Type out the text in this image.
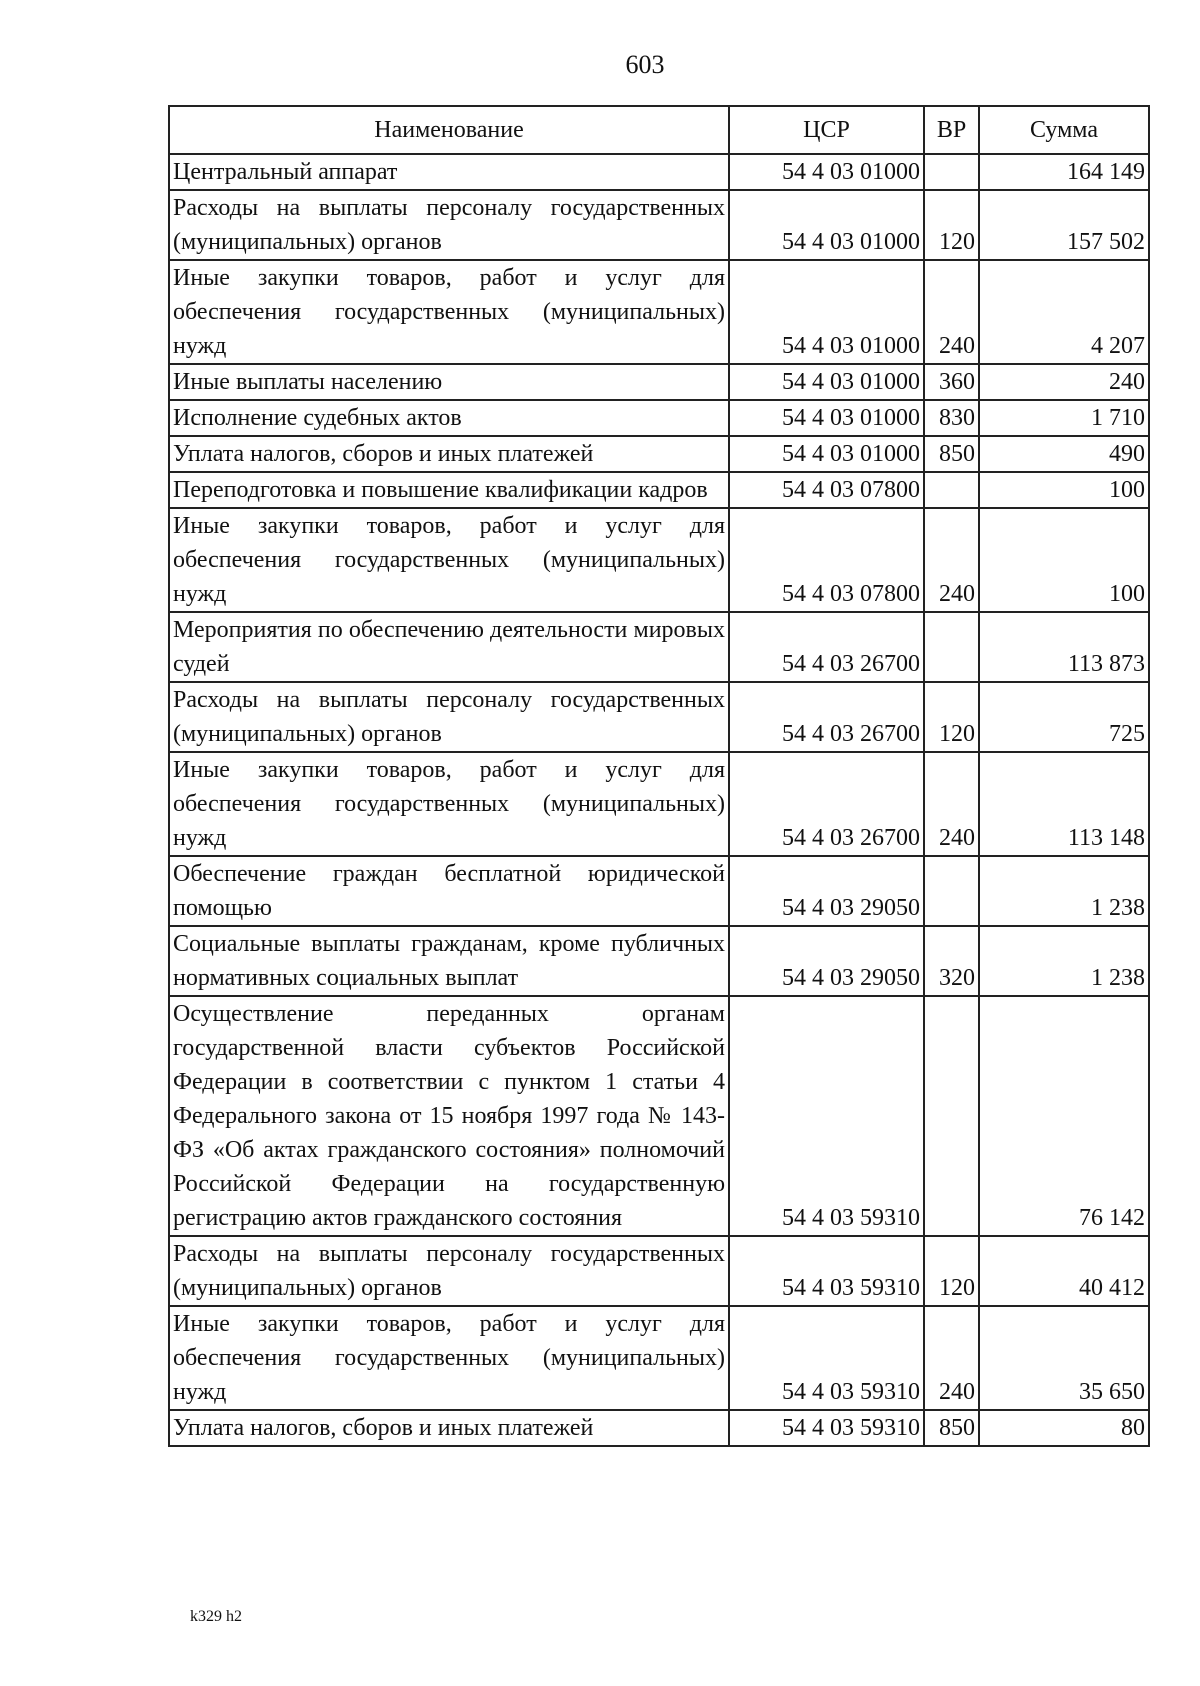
603
Наименование	ЦСР	ВР	Сумма
Центральный аппарат	54 4 03 01000		164 149
Расходы на выплаты персоналу государственных (муниципальных) органов	54 4 03 01000	120	157 502
Иные закупки товаров, работ и услуг для обеспечения государственных (муниципальных) нужд	54 4 03 01000	240	4 207
Иные выплаты населению	54 4 03 01000	360	240
Исполнение судебных актов	54 4 03 01000	830	1 710
Уплата налогов, сборов и иных платежей	54 4 03 01000	850	490
Переподготовка и повышение квалификации кадров	54 4 03 07800		100
Иные закупки товаров, работ и услуг для обеспечения государственных (муниципальных) нужд	54 4 03 07800	240	100
Мероприятия по обеспечению деятельности мировых судей	54 4 03 26700		113 873
Расходы на выплаты персоналу государственных (муниципальных) органов	54 4 03 26700	120	725
Иные закупки товаров, работ и услуг для обеспечения государственных (муниципальных) нужд	54 4 03 26700	240	113 148
Обеспечение граждан бесплатной юридической помощью	54 4 03 29050		1 238
Социальные выплаты гражданам, кроме публичных нормативных социальных выплат	54 4 03 29050	320	1 238
Осуществление переданных органам государственной власти субъектов Российской Федерации в соответствии с пунктом 1 статьи 4 Федерального закона от 15 ноября 1997 года № 143-ФЗ «Об актах гражданского состояния» полномочий Российской Федерации на государственную регистрацию актов гражданского состояния	54 4 03 59310		76 142
Расходы на выплаты персоналу государственных (муниципальных) органов	54 4 03 59310	120	40 412
Иные закупки товаров, работ и услуг для обеспечения государственных (муниципальных) нужд	54 4 03 59310	240	35 650
Уплата налогов, сборов и иных платежей	54 4 03 59310	850	80
k329 h2
